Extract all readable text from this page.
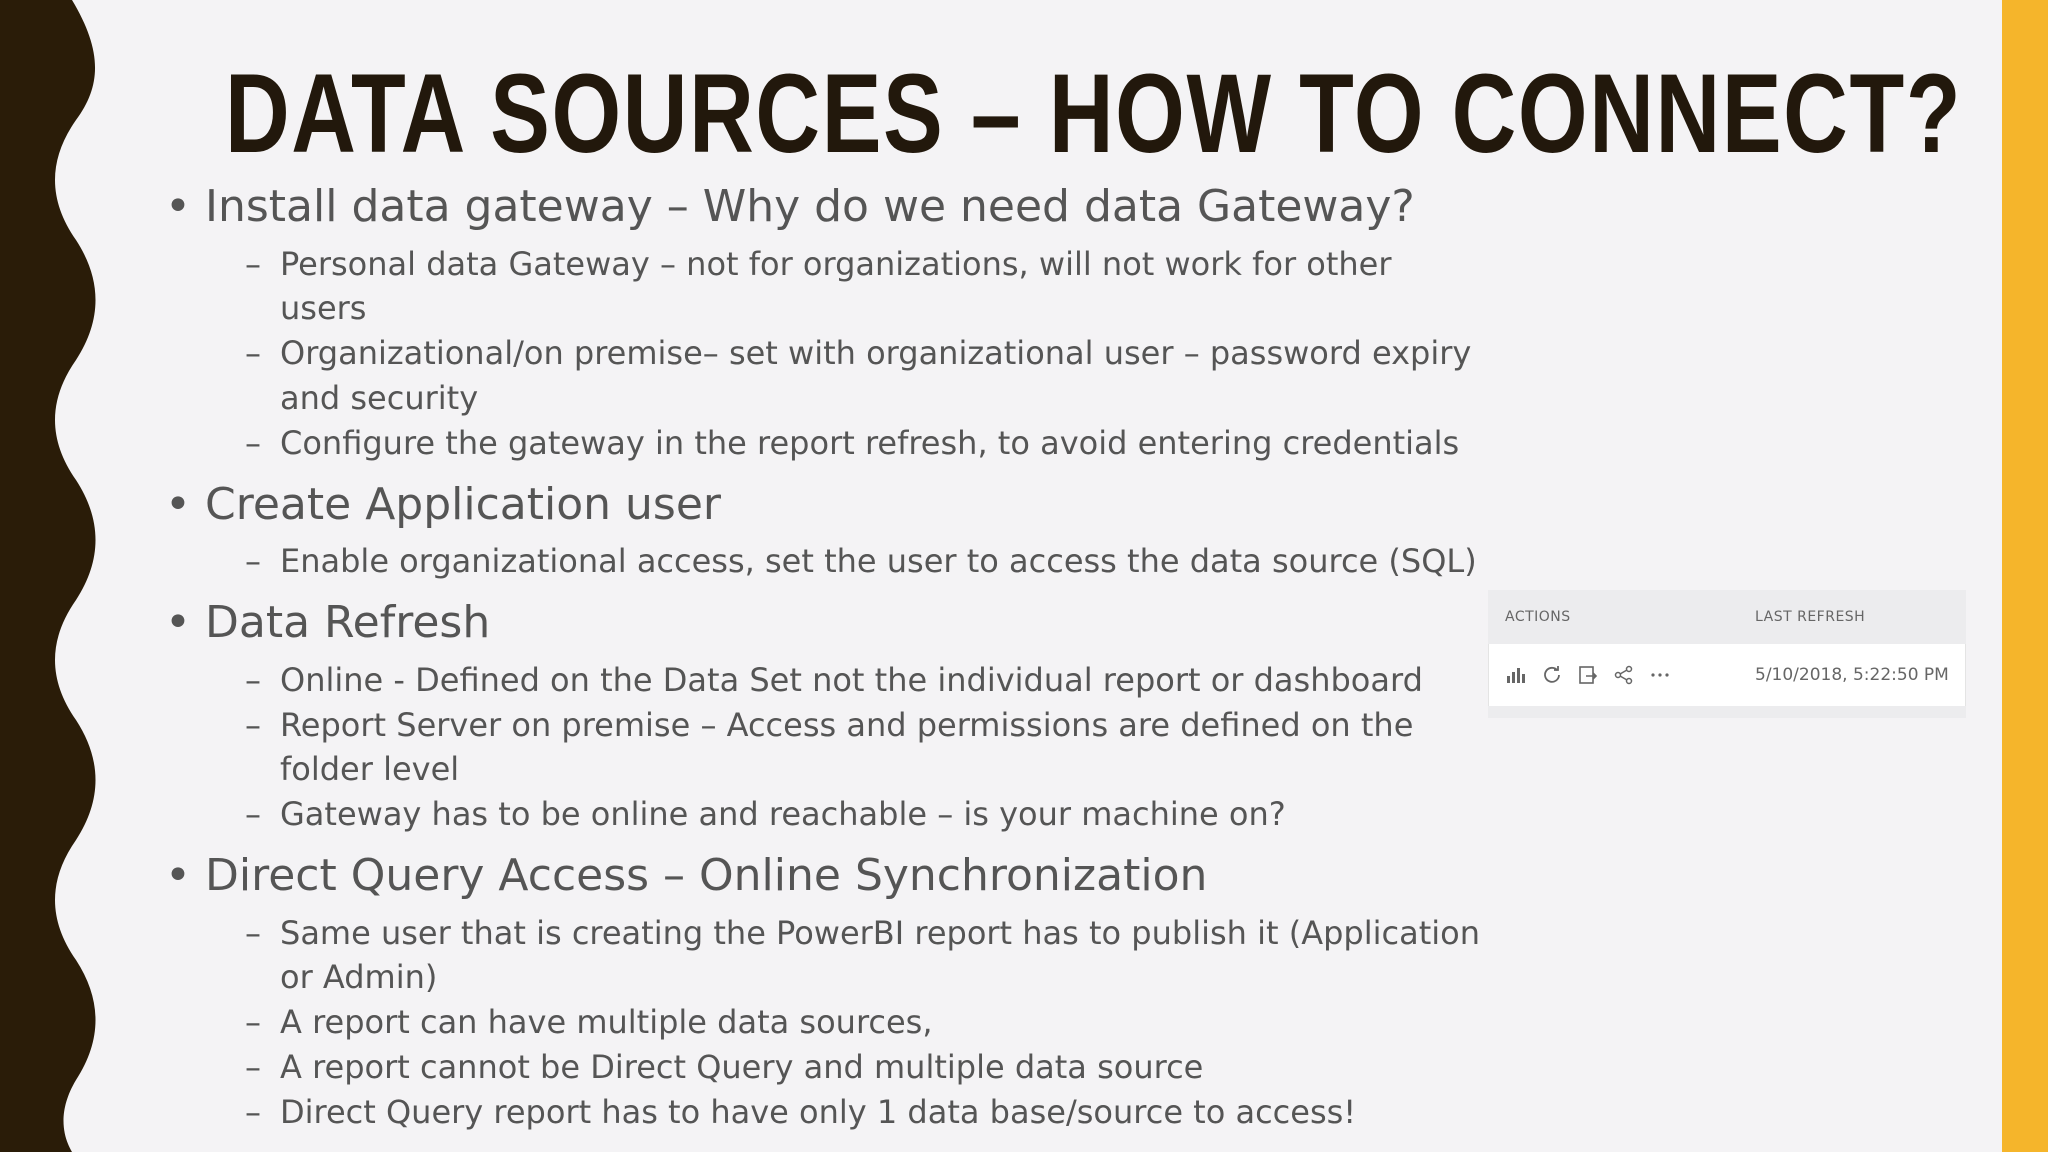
DATA SOURCES – HOW TO CONNECT?
• Install data gateway – Why do we need data Gateway?
– Personal data Gateway – not for organizations, will not work for other users
– Organizational/on premise– set with organizational user – password expiry and security
– Configure the gateway in the report refresh, to avoid entering credentials
• Create Application user
– Enable organizational access, set the user to access the data source (SQL)
• Data Refresh
– Online - Defined on the Data Set not the individual report or dashboard
– Report Server on premise – Access and permissions are defined on the folder level
– Gateway has to be online and reachable – is your machine on?
• Direct Query Access – Online Synchronization
– Same user that is creating the PowerBI report has to publish it (Application or Admin)
– A report can have multiple data sources,
– A report cannot be Direct Query and multiple data source
– Direct Query report has to have only 1 data base/source to access!
ACTIONS	LAST REFRESH
5/10/2018, 5:22:50 PM
